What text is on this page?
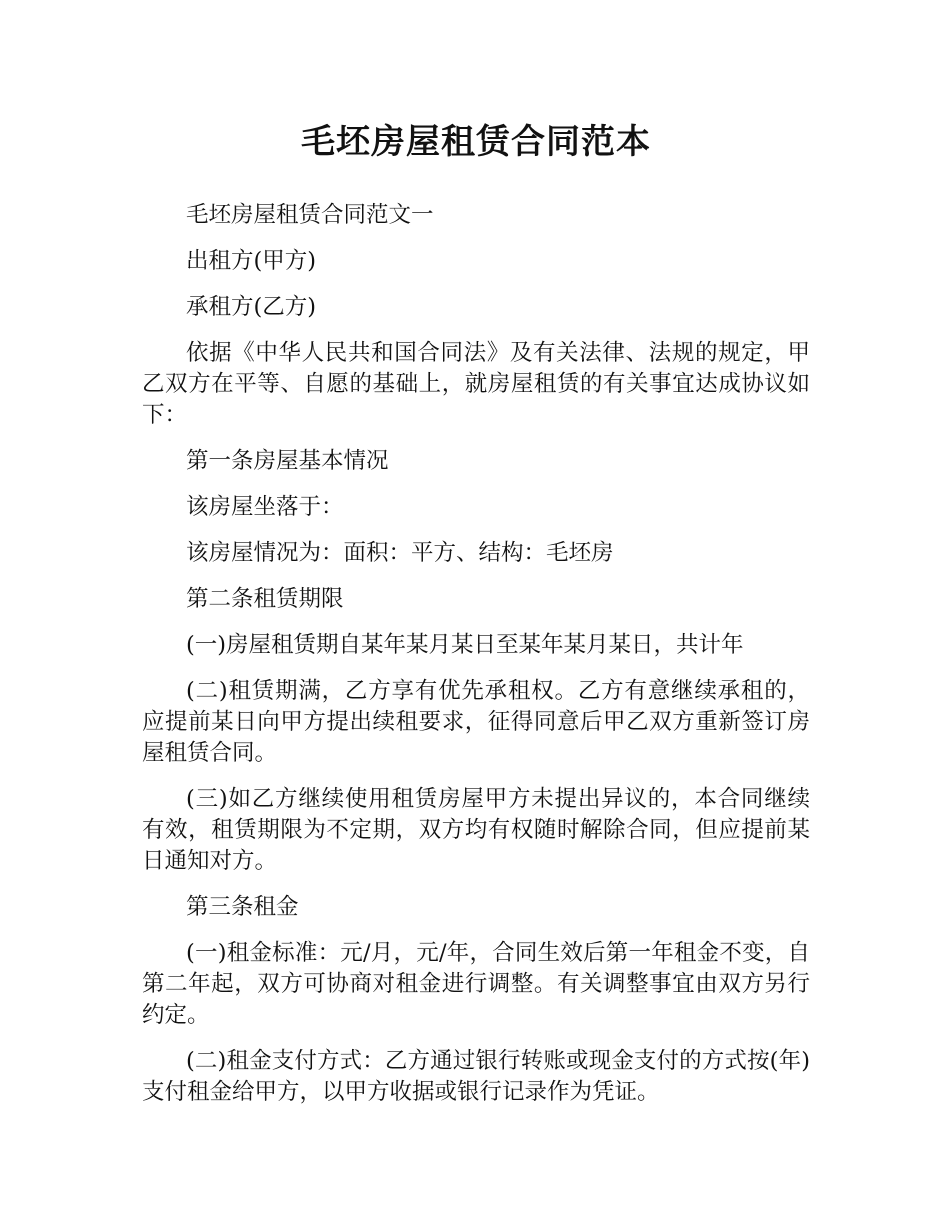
毛坯房屋租赁合同范本

毛坯房屋租赁合同范文一

出租方(甲方)

承租方(乙方)

依据《中华人民共和国合同法》及有关法律、法规的规定，甲乙双方在平等、自愿的基础上，就房屋租赁的有关事宜达成协议如下：

第一条房屋基本情况

该房屋坐落于：

该房屋情况为：面积：平方、结构：毛坯房

第二条租赁期限

(一)房屋租赁期自某年某月某日至某年某月某日，共计年

(二)租赁期满，乙方享有优先承租权。乙方有意继续承租的，应提前某日向甲方提出续租要求，征得同意后甲乙双方重新签订房屋租赁合同。

(三)如乙方继续使用租赁房屋甲方未提出异议的，本合同继续有效，租赁期限为不定期，双方均有权随时解除合同，但应提前某日通知对方。

第三条租金

(一)租金标准：元/月，元/年，合同生效后第一年租金不变，自第二年起，双方可协商对租金进行调整。有关调整事宜由双方另行约定。

(二)租金支付方式：乙方通过银行转账或现金支付的方式按(年)支付租金给甲方，以甲方收据或银行记录作为凭证。
